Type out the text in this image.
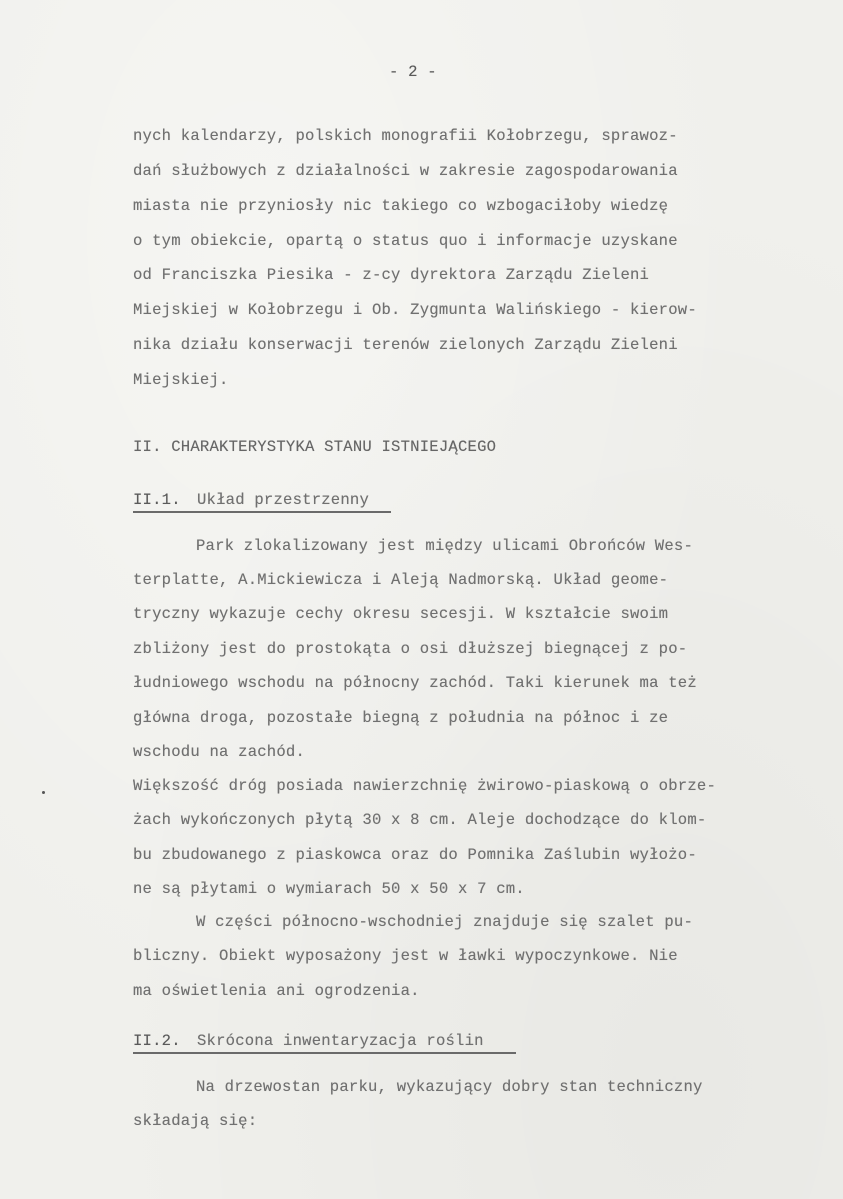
- 2 -
nych kalendarzy, polskich monografii Kołobrzegu, sprawoz-
dań służbowych z działalności w zakresie zagospodarowania
miasta nie przyniosły nic takiego co wzbogaciłoby wiedzę
o tym obiekcie, opartą o status quo i informacje uzyskane
od Franciszka Piesika - z-cy dyrektora Zarządu Zieleni
Miejskiej w Kołobrzegu i Ob. Zygmunta Walińskiego - kierow-
nika działu konserwacji terenów zielonych Zarządu Zieleni
Miejskiej.
II. CHARAKTERYSTYKA STANU ISTNIEJĄCEGO
II.1. Układ przestrzenny
Park zlokalizowany jest między ulicami Obrońców Wes-
terplatte, A.Mickiewicza i Aleją Nadmorską. Układ geome-
tryczny wykazuje cechy okresu secesji. W kształcie swoim
zbliżony jest do prostokąta o osi dłuższej biegnącej z po-
łudniowego wschodu na północny zachód. Taki kierunek ma też
główna droga, pozostałe biegną z południa na północ i ze
wschodu na zachód.
Większość dróg posiada nawierzchnię żwirowo-piaskową o obrze-
żach wykończonych płytą 30 x 8 cm. Aleje dochodzące do klom-
bu zbudowanego z piaskowca oraz do Pomnika Zaślubin wyłożo-
ne są płytami o wymiarach 50 x 50 x 7 cm.
W części północno-wschodniej znajduje się szalet pu-
bliczny. Obiekt wyposażony jest w ławki wypoczynkowe. Nie
ma oświetlenia ani ogrodzenia.
II.2. Skrócona inwentaryzacja roślin
Na drzewostan parku, wykazujący dobry stan techniczny
składają się:
